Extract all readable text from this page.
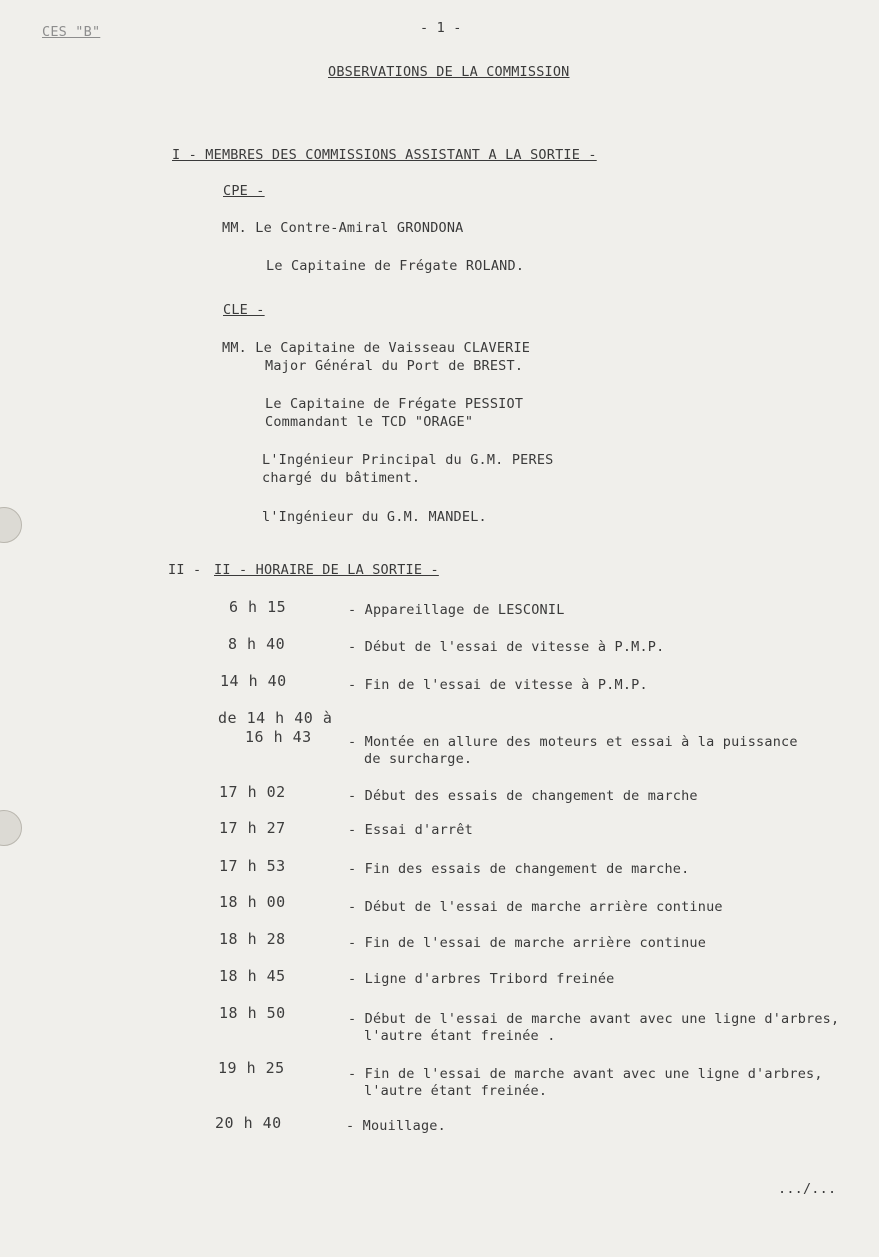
CES "B"	- 1 -
OBSERVATIONS DE LA COMMISSION
I - MEMBRES DES COMMISSIONS ASSISTANT A LA SORTIE -
CPE -
MM. Le Contre-Amiral GRONDONA
Le Capitaine de Frégate ROLAND.
CLE -
MM. Le Capitaine de Vaisseau CLAVERIE
Major Général du Port de BREST.
Le Capitaine de Frégate PESSIOT
Commandant le TCD "ORAGE"
L'Ingénieur Principal du G.M. PERES
chargé du bâtiment.
l'Ingénieur du G.M. MANDEL.
II - II - HORAIRE DE LA SORTIE -
6 h 15	- Appareillage de LESCONIL
8 h 40	- Début de l'essai de vitesse à P.M.P.
14 h 40	- Fin de l'essai de vitesse à P.M.P.
de 14 h 40 à
16 h 43	- Montée en allure des moteurs et essai à la puissance
de surcharge.
17 h 02	- Début des essais de changement de marche
17 h 27	- Essai d'arrêt
17 h 53	- Fin des essais de changement de marche.
18 h 00	- Début de l'essai de marche arrière continue
18 h 28	- Fin de l'essai de marche arrière continue
18 h 45	- Ligne d'arbres Tribord freinée
18 h 50	- Début de l'essai de marche avant avec une ligne d'arbres,
l'autre étant freinée .
19 h 25	- Fin de l'essai de marche avant avec une ligne d'arbres,
l'autre étant freinée.
20 h 40	- Mouillage.
.../...
